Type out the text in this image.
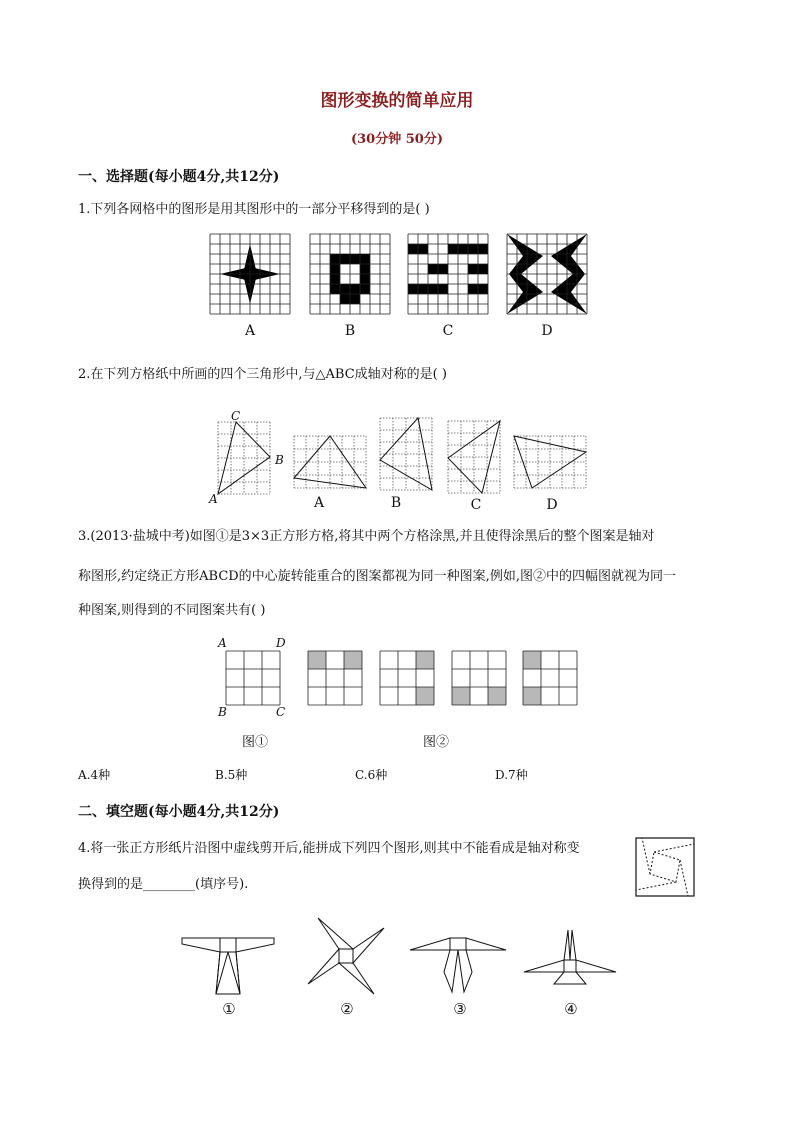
图形变换的简单应用
(30分钟 50分)
一、选择题(每小题4分,共12分)
1.下列各网格中的图形是用其图形中的一部分平移得到的是( )
A	B	C	D
2.在下列方格纸中所画的四个三角形中,与△ABC成轴对称的是( )
C
B
A	A	B	C	D
3.(2013·盐城中考)如图①是3×3正方形方格,将其中两个方格涂黑,并且使得涂黑后的整个图案是轴对
称图形,约定绕正方形ABCD的中心旋转能重合的图案都视为同一种图案,例如,图②中的四幅图就视为同一
种图案,则得到的不同图案共有( )
A	D
B	C
图①	图②
A.4种	B.5种	C.6种	D.7种
二、填空题(每小题4分,共12分)
4.将一张正方形纸片沿图中虚线剪开后,能拼成下列四个图形,则其中不能看成是轴对称变
换得到的是________(填序号).
①	②	③	④
